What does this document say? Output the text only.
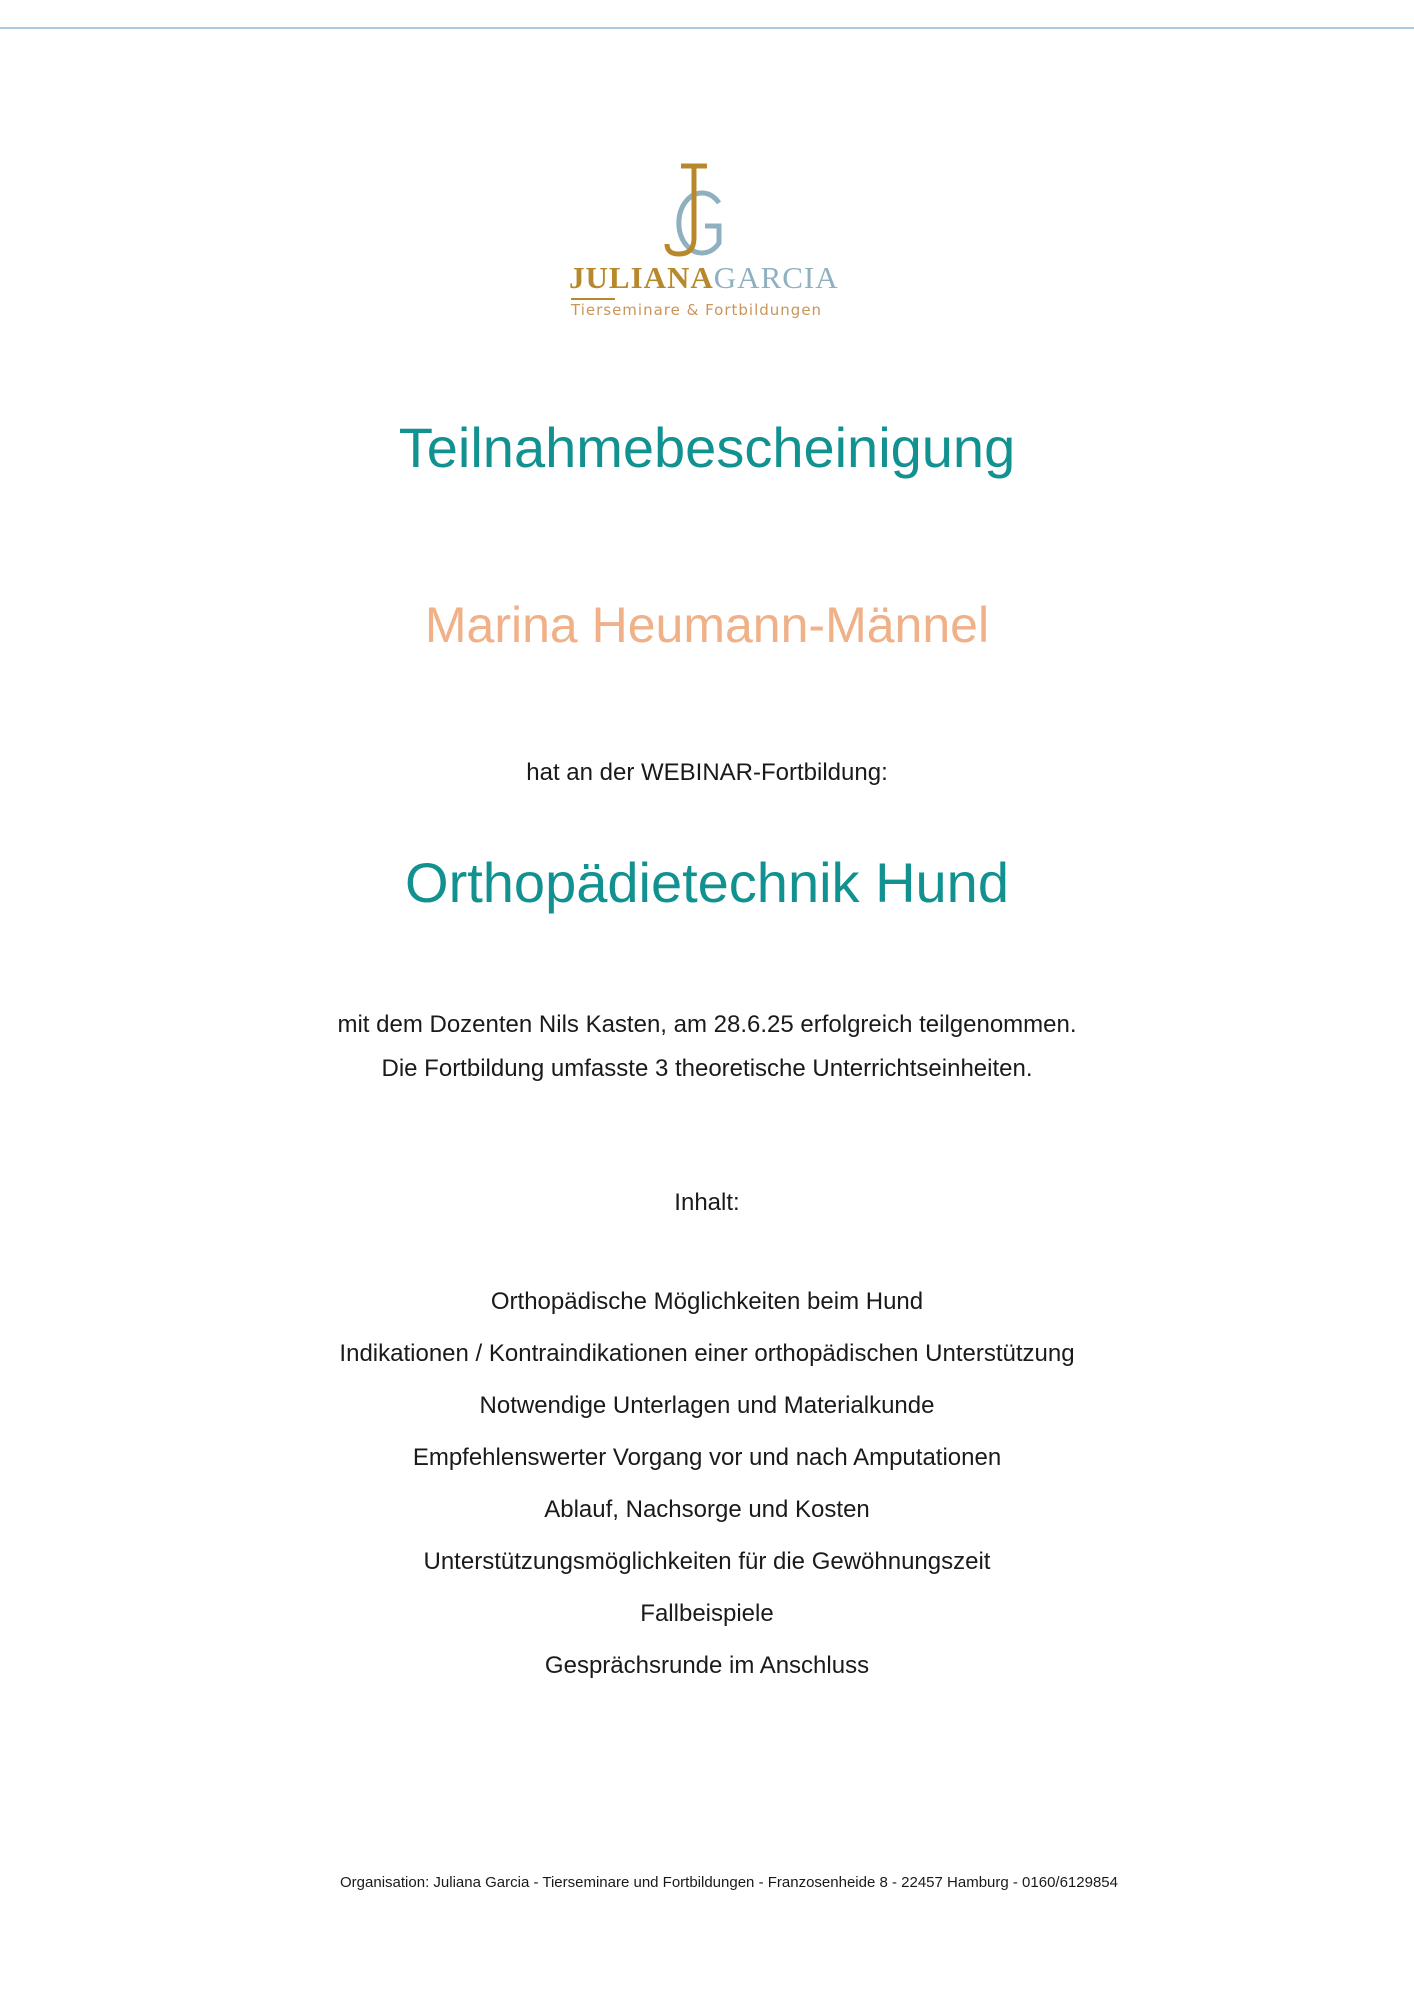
JULIANAGARCIA
Tierseminare & Fortbildungen
Teilnahmebescheinigung
Marina Heumann-Männel
hat an der WEBINAR-Fortbildung:
Orthopädietechnik Hund
mit dem Dozenten Nils Kasten, am 28.6.25 erfolgreich teilgenommen.
Die Fortbildung umfasste 3 theoretische Unterrichtseinheiten.
Inhalt:
Orthopädische Möglichkeiten beim Hund
Indikationen / Kontraindikationen einer orthopädischen Unterstützung
Notwendige Unterlagen und Materialkunde
Empfehlenswerter Vorgang vor und nach Amputationen
Ablauf, Nachsorge und Kosten
Unterstützungsmöglichkeiten für die Gewöhnungszeit
Fallbeispiele
Gesprächsrunde im Anschluss
Organisation: Juliana Garcia - Tierseminare und Fortbildungen - Franzosenheide 8 - 22457 Hamburg - 0160/6129854
